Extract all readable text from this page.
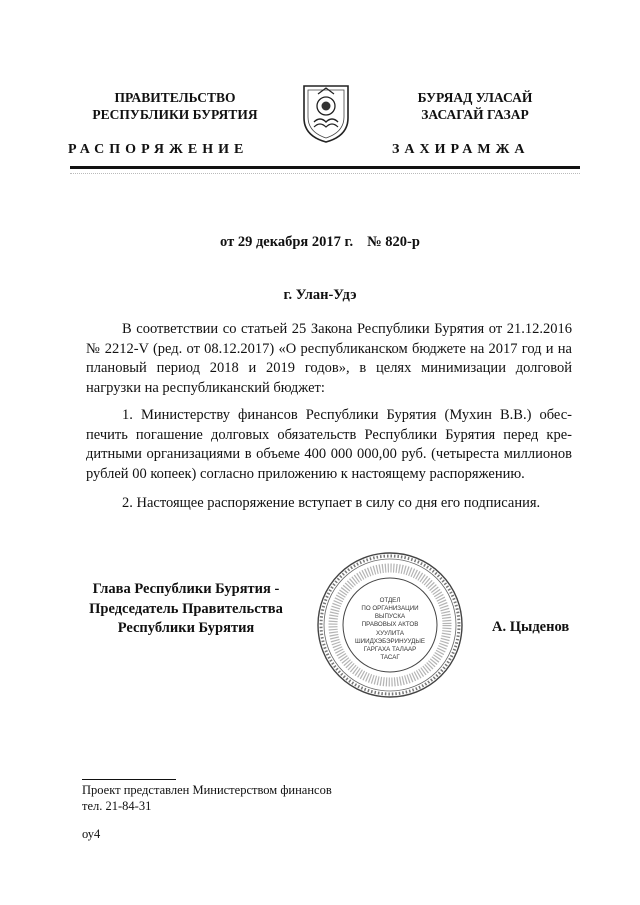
ПРАВИТЕЛЬСТВО
РЕСПУБЛИКИ БУРЯТИЯ
БУРЯАД УЛАСАЙ
ЗАСАГАЙ ГАЗАР
РАСПОРЯЖЕНИЕ	ЗАХИРАМЖА
от 29 декабря 2017 г. № 820-р
г. Улан-Удэ
В соответствии со статьей 25 Закона Республики Бурятия от 21.12.2016 № 2212-V (ред. от 08.12.2017) «О республиканском бюджете на 2017 год и на плановый период 2018 и 2019 годов», в целях минимизации долговой нагрузки на республиканский бюджет:
1. Министерству финансов Республики Бурятия (Мухин В.В.) обеспечить погашение долговых обязательств Республики Бурятия перед кредитными организациями в объеме 400 000 000,00 руб. (четыреста миллионов рублей 00 копеек) согласно приложению к настоящему распоряжению.
2. Настоящее распоряжение вступает в силу со дня его подписания.
Глава Республики Бурятия -
Председатель Правительства
Республики Бурятия
ОТДЕЛ
ПО ОРГАНИЗАЦИИ
ВЫПУСКА
ПРАВОВЫХ АКТОВ
ХУУЛИТА
ШИИДХЭБЭРИНУУДЫЕ
ГАРГАХА ТАЛААР
ТАСАГ
А. Цыденов
Проект представлен Министерством финансов
тел. 21-84-31
оу4
